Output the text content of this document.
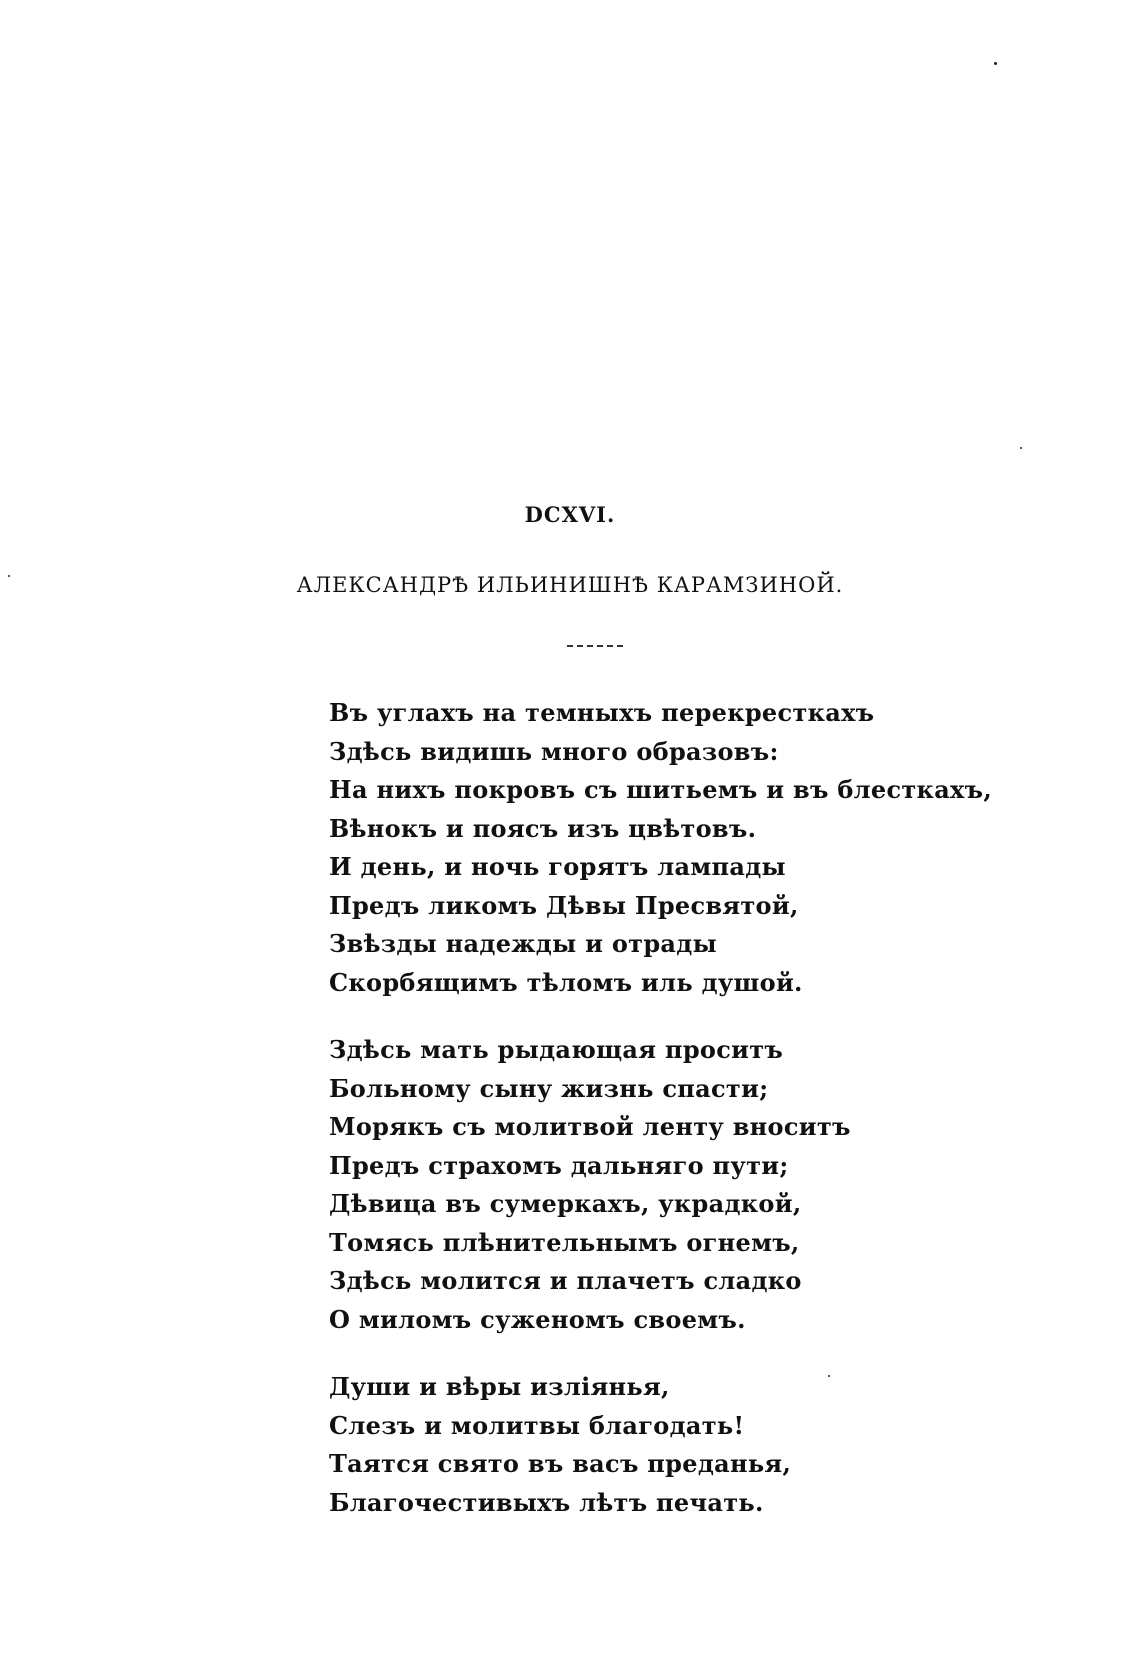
DCXVI.
АЛЕКСАНДРѢ ИЛЬИНИШНѢ КАРАМЗИНОЙ.
Въ углахъ на темныхъ перекресткахъ
Здѣсь видишь много образовъ:
На нихъ покровъ съ шитьемъ и въ блесткахъ,
Вѣнокъ и поясъ изъ цвѣтовъ.
И день, и ночь горятъ лампады
Предъ ликомъ Дѣвы Пресвятой,
Звѣзды надежды и отрады
Скорбящимъ тѣломъ иль душой.
Здѣсь мать рыдающая проситъ
Больному сыну жизнь спасти;
Морякъ съ молитвой ленту вноситъ
Предъ страхомъ дальняго пути;
Дѣвица въ сумеркахъ, украдкой,
Томясь плѣнительнымъ огнемъ,
Здѣсь молится и плачетъ сладко
О миломъ суженомъ своемъ.
Души и вѣры изліянья,
Слезъ и молитвы благодать!
Таятся свято въ васъ преданья,
Благочестивыхъ лѣтъ печать.
